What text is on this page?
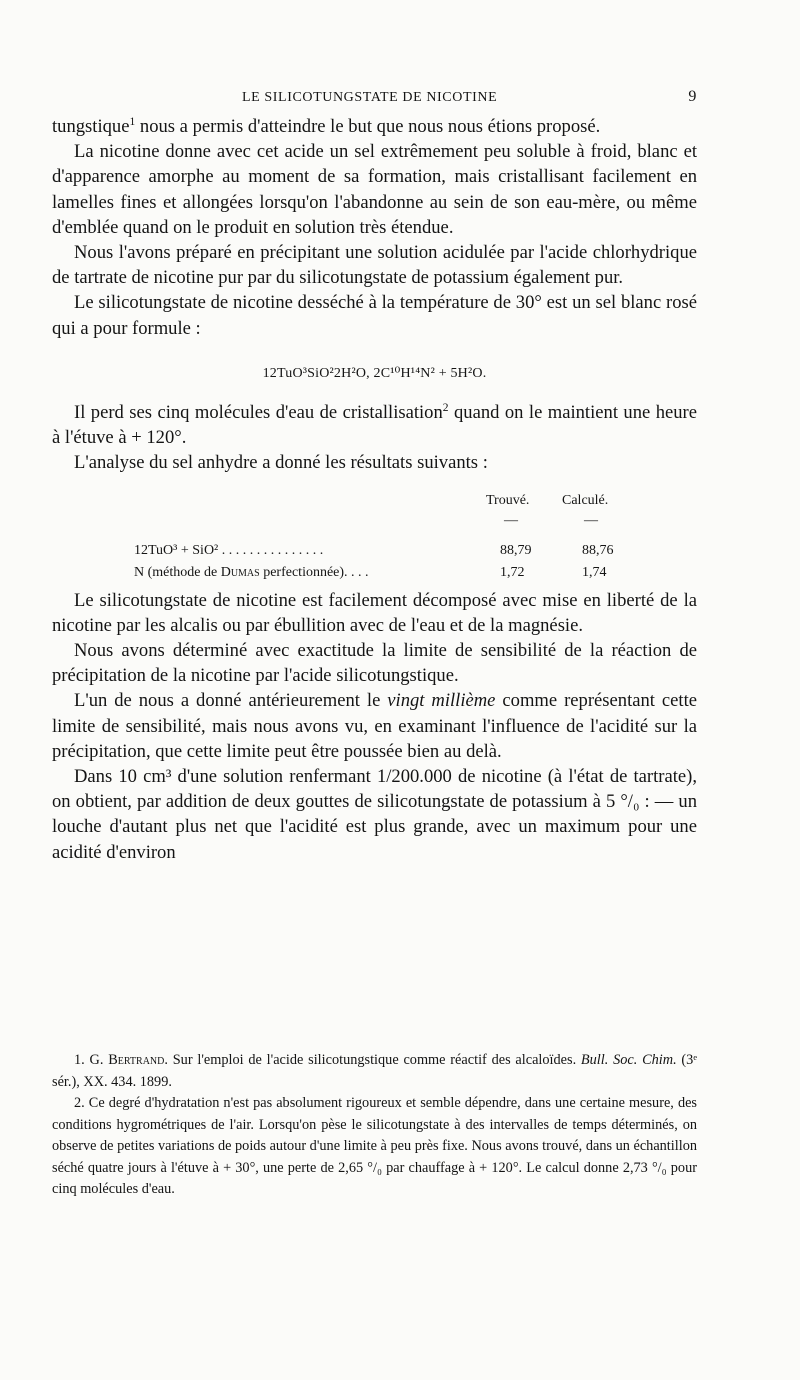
LE SILICOTUNGSTATE DE NICOTINE	9

tungstique$^1$ nous a permis d'atteindre le but que nous nous étions proposé.

La nicotine donne avec cet acide un sel extrêmement peu soluble à froid, blanc et d'apparence amorphe au moment de sa formation, mais cristallisant facilement en lamelles fines et allongées lorsqu'on l'abandonne au sein de son eau-mère, ou même d'emblée quand on le produit en solution très étendue.

Nous l'avons préparé en précipitant une solution acidulée par l'acide chlorhydrique de tartrate de nicotine pur par du silicotungstate de potassium également pur.

Le silicotungstate de nicotine desséché à la température de 30° est un sel blanc rosé qui a pour formule :

12TuO³SiO²2H²O, 2C¹⁰H¹⁴N² + 5H²O.

Il perd ses cinq molécules d'eau de cristallisation$^2$ quand on le maintient une heure à l'étuve à + 120°.

L'analyse du sel anhydre a donné les résultats suivants :

Trouvé. Calculé.
—	—
12TuO³ + SiO² . . . . . . . . . . . . . . .	88,79	88,76
N (méthode de Dumas perfectionnée). . . .	1,72	1,74

Le silicotungstate de nicotine est facilement décomposé avec mise en liberté de la nicotine par les alcalis ou par ébullition avec de l'eau et de la magnésie.

Nous avons déterminé avec exactitude la limite de sensibilité de la réaction de précipitation de la nicotine par l'acide silicotungstique.

L'un de nous a donné antérieurement le vingt millième comme représentant cette limite de sensibilité, mais nous avons vu, en examinant l'influence de l'acidité sur la précipitation, que cette limite peut être poussée bien au delà.

Dans 10 cm³ d'une solution renfermant 1/200.000 de nicotine (à l'état de tartrate), on obtient, par addition de deux gouttes de silicotungstate de potassium à 5 °/₀ : — un louche d'autant plus net que l'acidité est plus grande, avec un maximum pour une acidité d'environ

1. G. Bertrand. Sur l'emploi de l'acide silicotungstique comme réactif des alcaloïdes. Bull. Soc. Chim. (3ᵉ sér.), XX. 434. 1899.

2. Ce degré d'hydratation n'est pas absolument rigoureux et semble dépendre, dans une certaine mesure, des conditions hygrométriques de l'air. Lorsqu'on pèse le silicotungstate à des intervalles de temps déterminés, on observe de petites variations de poids autour d'une limite à peu près fixe. Nous avons trouvé, dans un échantillon séché quatre jours à l'étuve à + 30°, une perte de 2,65 °/₀ par chauffage à + 120°. Le calcul donne 2,73 °/₀ pour cinq molécules d'eau.
